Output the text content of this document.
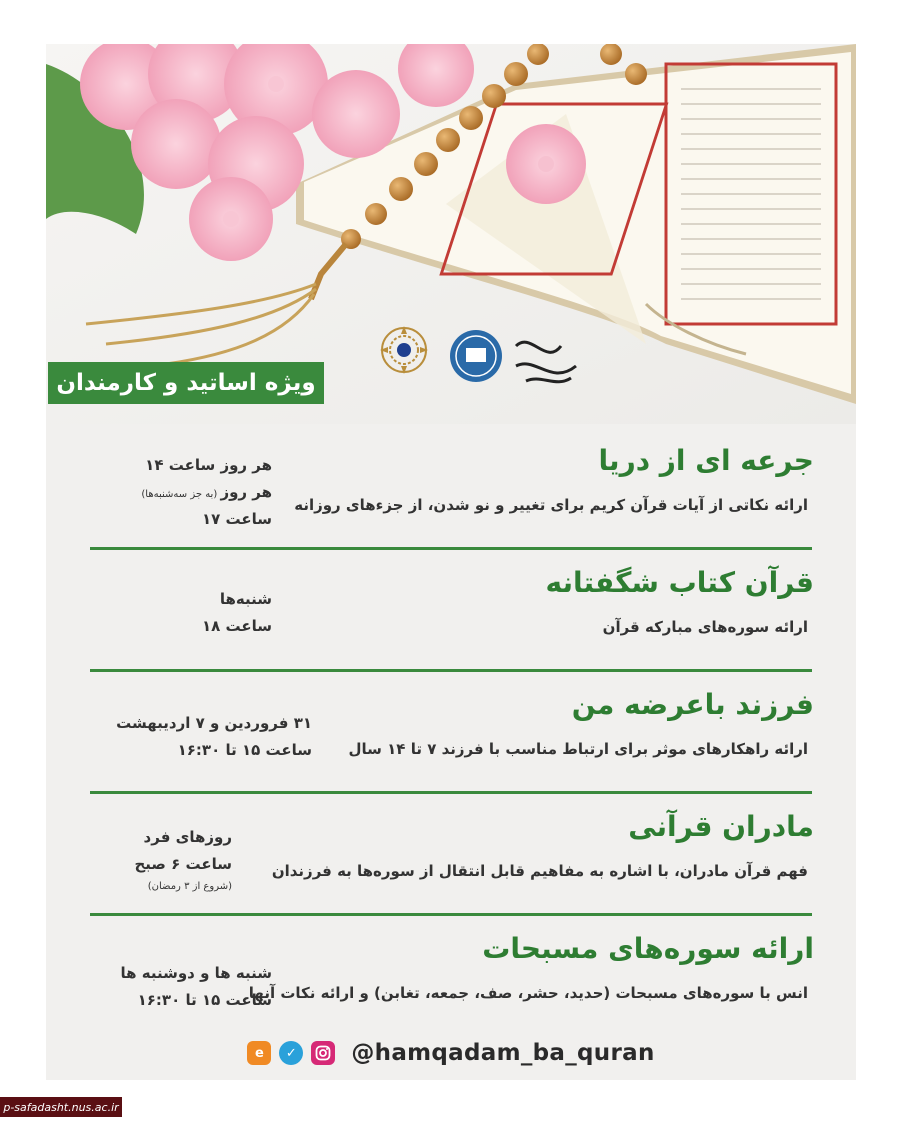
ویژه اساتید و کارمندان
جرعه ای از دریا
ارائه نکاتی از آیات قرآن کریم برای تغییر و نو شدن، از جزءهای روزانه
هر روز ساعت ۱۴
هر روز (به جز سه‌شنبه‌ها)
ساعت ۱۷
قرآن کتاب شگفتانه
ارائه سوره‌های مبارکه قرآن
شنبه‌ها
ساعت ۱۸
فرزند باعرضه من
ارائه راهکارهای موثر برای ارتباط مناسب با فرزند ۷ تا ۱۴ سال
۳۱ فروردین و ۷ اردیبهشت
ساعت ۱۵ تا ۱۶:۳۰
مادران قرآنی
فهم قرآن مادران، با اشاره به مفاهیم قابل انتقال از سوره‌ها به فرزندان
روزهای فرد
ساعت ۶ صبح
(شروع از ۳ رمضان)
ارائه سوره‌های مسبحات
انس با سوره‌های مسبحات (حدید، حشر، صف، جمعه، تغابن) و ارائه نکات آنها
شنبه ها و دوشنبه ها
ساعت ۱۵ تا ۱۶:۳۰
e	✓ @hamqadam_ba_quran
p-safadasht.nus.ac.ir
